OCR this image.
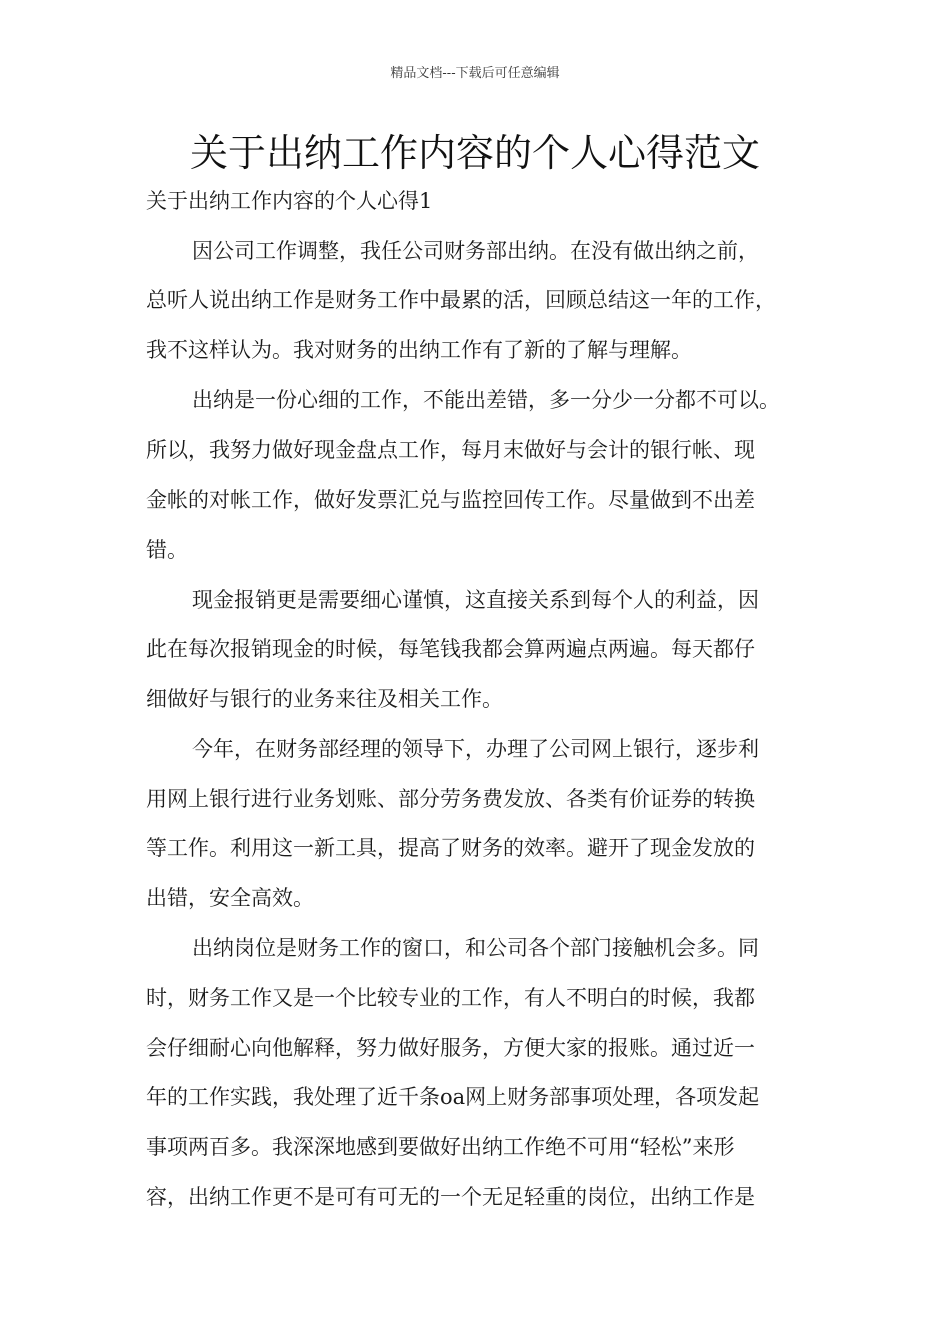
精品文档---下载后可任意编辑
关于出纳工作内容的个人心得范文
关于出纳工作内容的个人心得1
因公司工作调整，我任公司财务部出纳。在没有做出纳之前，
总听人说出纳工作是财务工作中最累的活，回顾总结这一年的工作，
我不这样认为。我对财务的出纳工作有了新的了解与理解。
出纳是一份心细的工作，不能出差错，多一分少一分都不可以。
所以，我努力做好现金盘点工作，每月末做好与会计的银行帐、现
金帐的对帐工作，做好发票汇兑与监控回传工作。尽量做到不出差
错。
现金报销更是需要细心谨慎，这直接关系到每个人的利益，因
此在每次报销现金的时候，每笔钱我都会算两遍点两遍。每天都仔
细做好与银行的业务来往及相关工作。
今年，在财务部经理的领导下，办理了公司网上银行，逐步利
用网上银行进行业务划账、部分劳务费发放、各类有价证券的转换
等工作。利用这一新工具，提高了财务的效率。避开了现金发放的
出错，安全高效。
出纳岗位是财务工作的窗口，和公司各个部门接触机会多。同
时，财务工作又是一个比较专业的工作，有人不明白的时候，我都
会仔细耐心向他解释，努力做好服务，方便大家的报账。通过近一
年的工作实践，我处理了近千条oa网上财务部事项处理，各项发起
事项两百多。我深深地感到要做好出纳工作绝不可用“轻松”来形
容，出纳工作更不是可有可无的一个无足轻重的岗位，出纳工作是
